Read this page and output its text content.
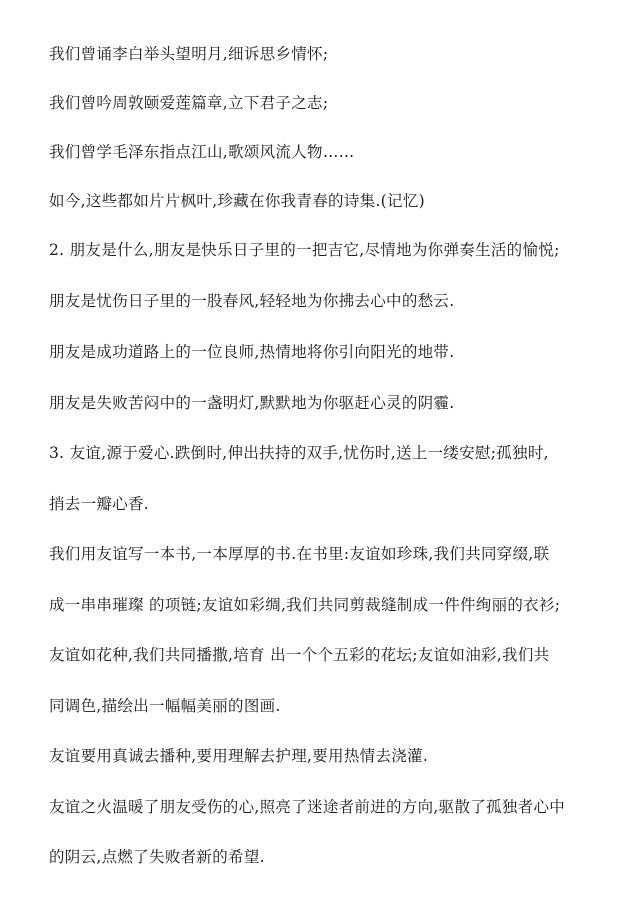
我们曾诵李白举头望明月,细诉思乡情怀;
我们曾吟周敦颐爱莲篇章,立下君子之志;
我们曾学毛泽东指点江山,歌颂风流人物……
如今,这些都如片片枫叶,珍藏在你我青春的诗集.(记忆)
2. 朋友是什么,朋友是快乐日子里的一把吉它,尽情地为你弹奏生活的愉悦;
朋友是忧伤日子里的一股春风,轻轻地为你拂去心中的愁云.
朋友是成功道路上的一位良师,热情地将你引向阳光的地带.
朋友是失败苦闷中的一盏明灯,默默地为你驱赶心灵的阴霾.
3. 友谊,源于爱心.跌倒时,伸出扶持的双手,忧伤时,送上一缕安慰;孤独时,
捎去一瓣心香.
我们用友谊写一本书,一本厚厚的书.在书里:友谊如珍珠,我们共同穿缀,联
成一串串璀璨 的项链;友谊如彩绸,我们共同剪裁缝制成一件件绚丽的衣衫;
友谊如花种,我们共同播撒,培育 出一个个五彩的花坛;友谊如油彩,我们共
同调色,描绘出一幅幅美丽的图画.
友谊要用真诚去播种,要用理解去护理,要用热情去浇灌.
友谊之火温暖了朋友受伤的心,照亮了迷途者前进的方向,驱散了孤独者心中
的阴云,点燃了失败者新的希望.
